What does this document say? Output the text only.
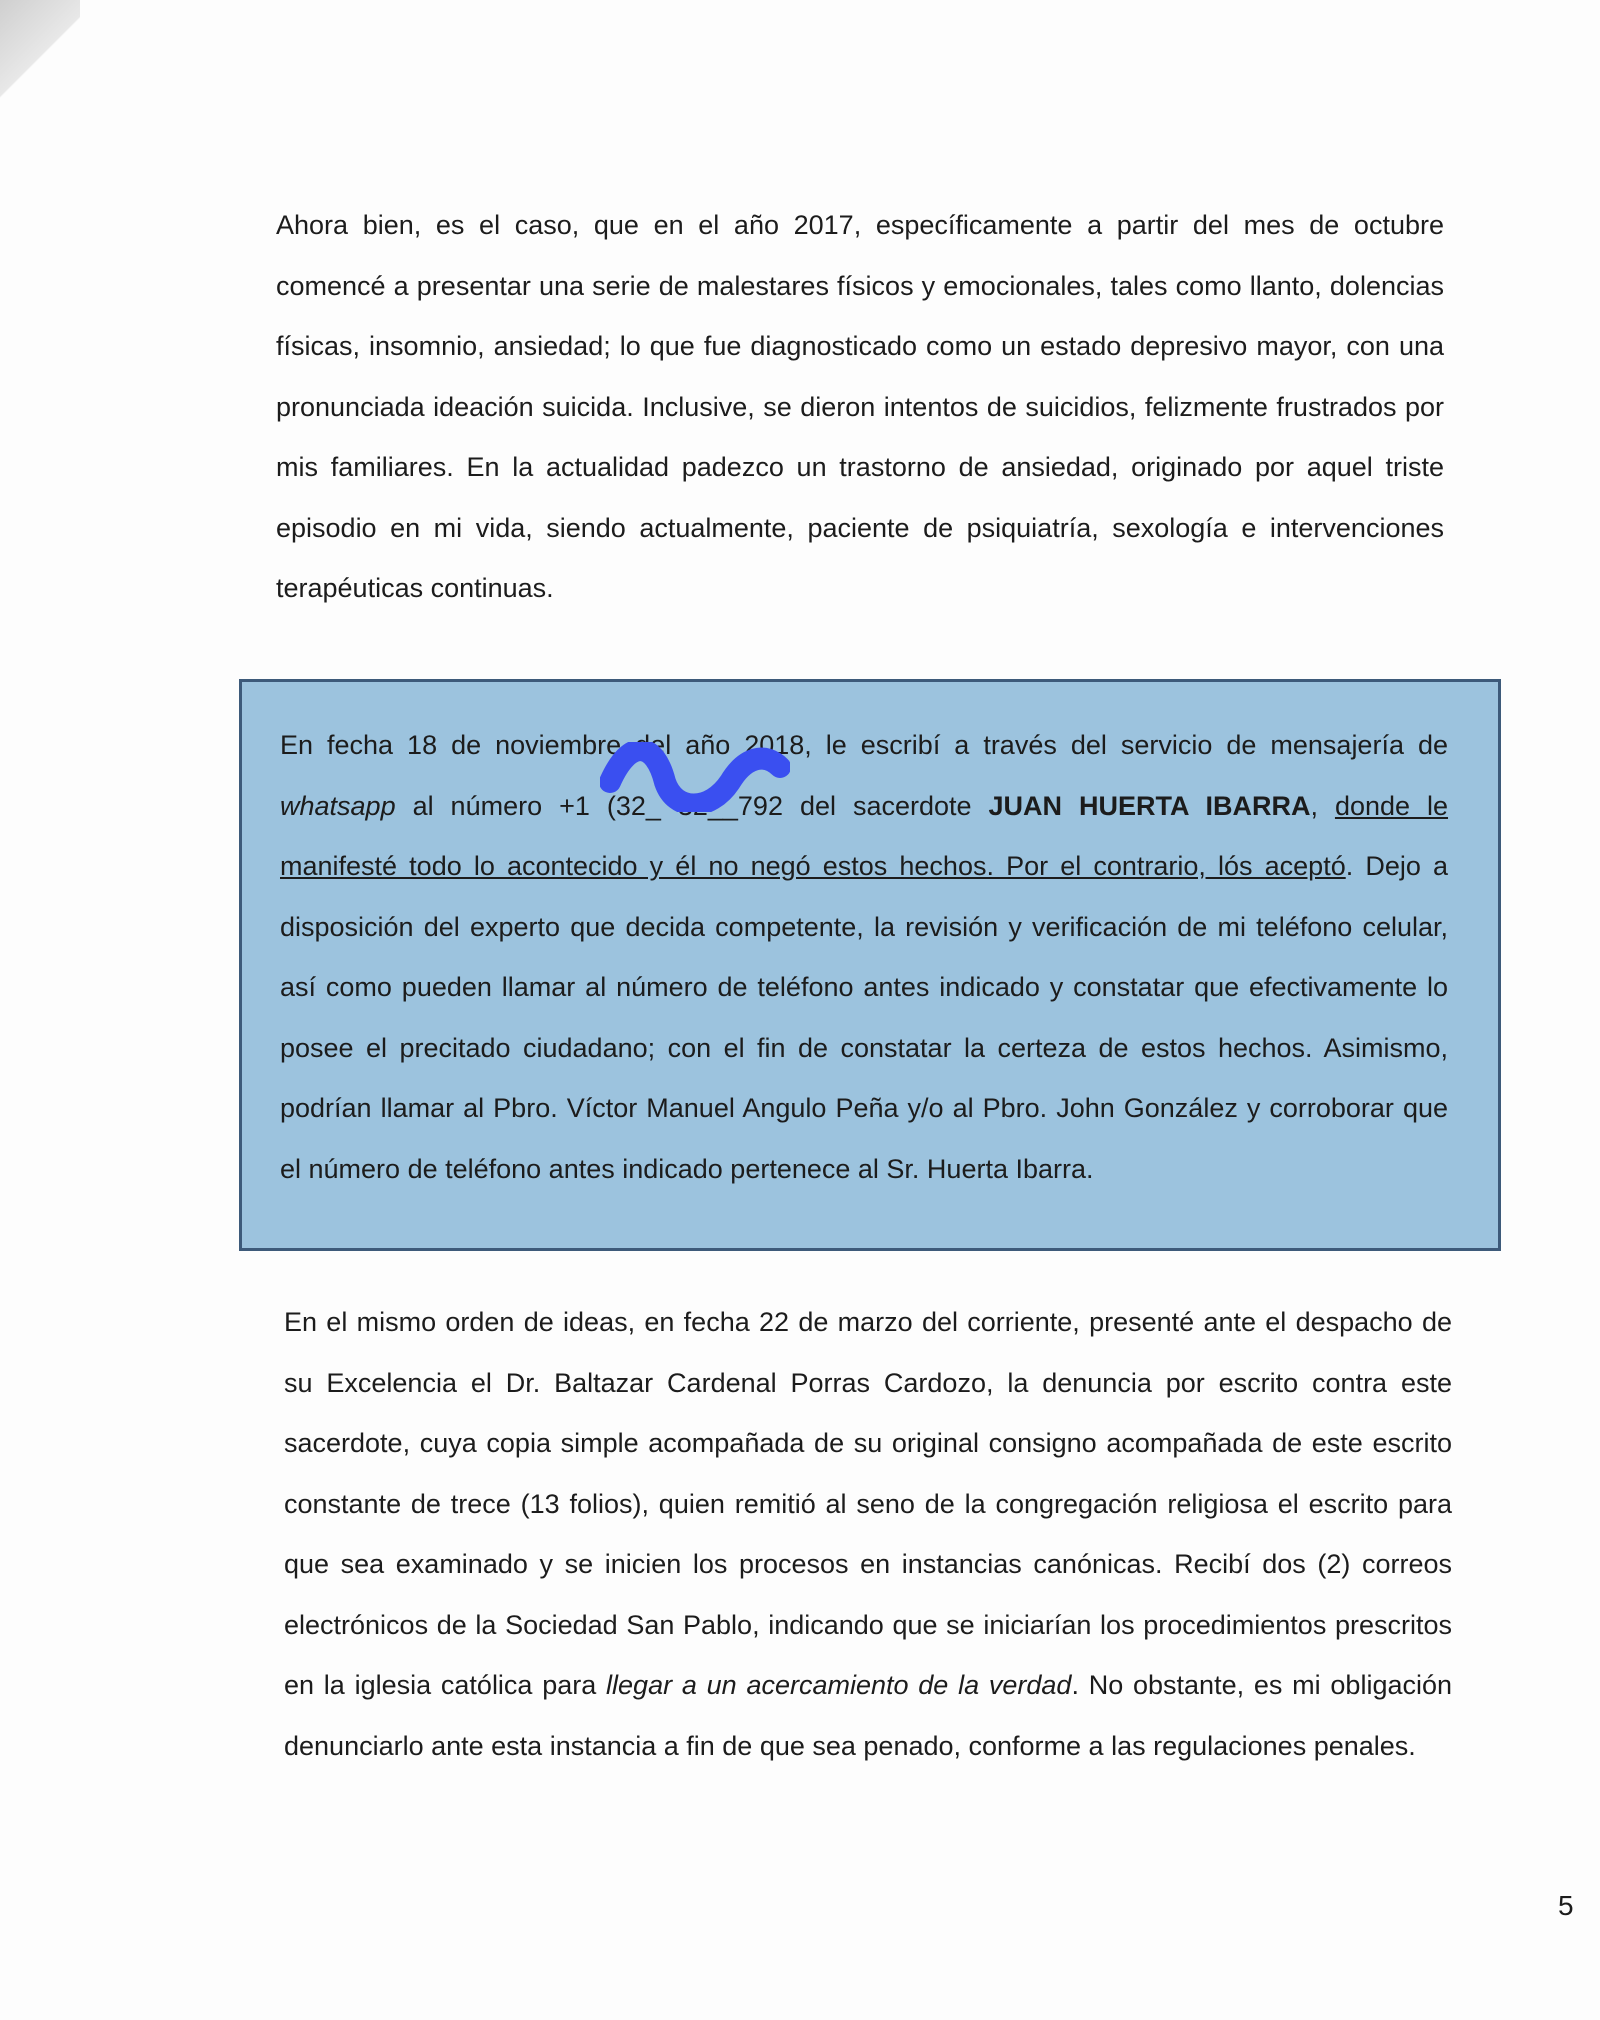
Ahora bien, es el caso, que en el año 2017, específicamente a partir del mes de octubre comencé a presentar una serie de malestares físicos y emocionales, tales como llanto, dolencias físicas, insomnio, ansiedad; lo que fue diagnosticado como un estado depresivo mayor, con una pronunciada ideación suicida. Inclusive, se dieron intentos de suicidios, felizmente frustrados por mis familiares. En la actualidad padezco un trastorno de ansiedad, originado por aquel triste episodio en mi vida, siendo actualmente, paciente de psiquiatría, sexología e intervenciones terapéuticas continuas.

En fecha 18 de noviembre del año 2018, le escribí a través del servicio de mensajería de whatsapp al número +1 (32_ 32__792 del sacerdote JUAN HUERTA IBARRA, donde le manifesté todo lo acontecido y él no negó estos hechos. Por el contrario, lós aceptó. Dejo a disposición del experto que decida competente, la revisión y verificación de mi teléfono celular, así como pueden llamar al número de teléfono antes indicado y constatar que efectivamente lo posee el precitado ciudadano; con el fin de constatar la certeza de estos hechos. Asimismo, podrían llamar al Pbro. Víctor Manuel Angulo Peña y/o al Pbro. John González y corroborar que el número de teléfono antes indicado pertenece al Sr. Huerta Ibarra.

En el mismo orden de ideas, en fecha 22 de marzo del corriente, presenté ante el despacho de su Excelencia el Dr. Baltazar Cardenal Porras Cardozo, la denuncia por escrito contra este sacerdote, cuya copia simple acompañada de su original consigno acompañada de este escrito constante de trece (13 folios), quien remitió al seno de la congregación religiosa el escrito para que sea examinado y se inicien los procesos en instancias canónicas. Recibí dos (2) correos electrónicos de la Sociedad San Pablo, indicando que se iniciarían los procedimientos prescritos en la iglesia católica para llegar a un acercamiento de la verdad. No obstante, es mi obligación denunciarlo ante esta instancia a fin de que sea penado, conforme a las regulaciones penales.

5
